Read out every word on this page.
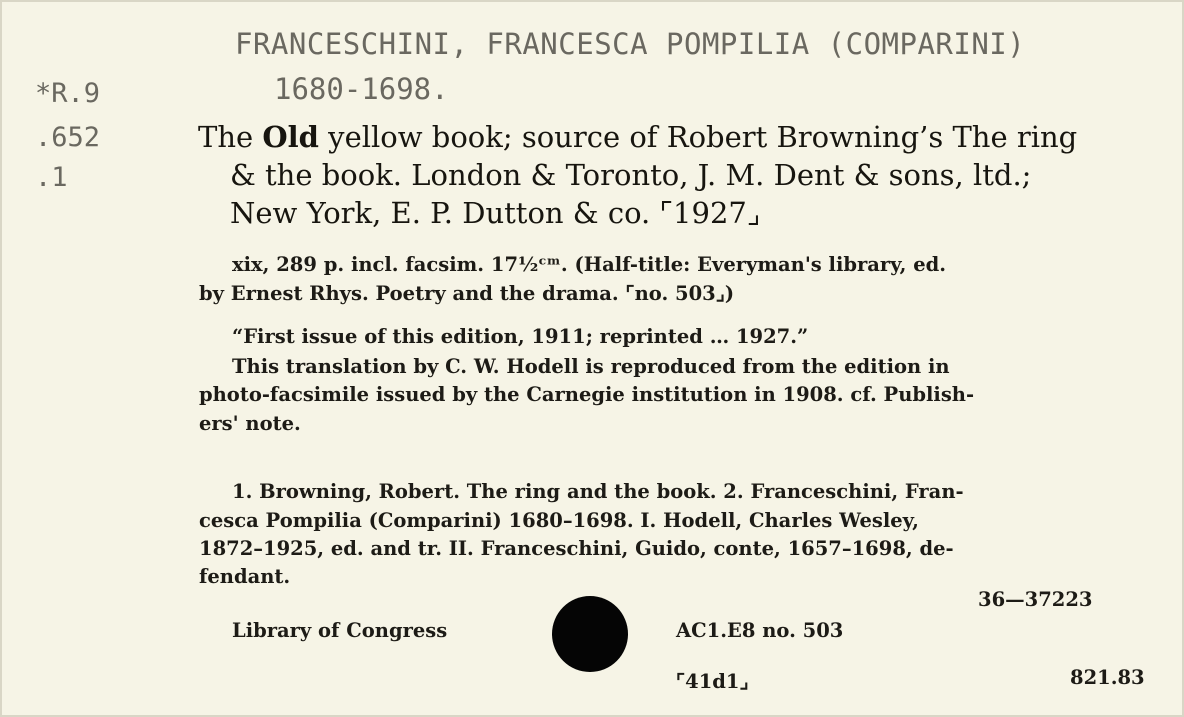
FRANCESCHINI, FRANCESCA POMPILIA (COMPARINI)
1680-1698.
*R.9
.652
.1
The Old yellow book; source of Robert Browning’s The ring
& the book. London & Toronto, J. M. Dent & sons, ltd.;
New York, E. P. Dutton & co. ⌜1927⌟
xix, 289 p. incl. facsim. 17½ᶜᵐ. (Half-title: Everyman's library, ed.
by Ernest Rhys. Poetry and the drama. ⌜no. 503⌟)
“First issue of this edition, 1911; reprinted … 1927.”
This translation by C. W. Hodell is reproduced from the edition in
photo-facsimile issued by the Carnegie institution in 1908. cf. Publish-
ers' note.
1. Browning, Robert. The ring and the book. 2. Franceschini, Fran-
cesca Pompilia (Comparini) 1680–1698. I. Hodell, Charles Wesley,
1872–1925, ed. and tr. II. Franceschini, Guido, conte, 1657–1698, de-
fendant.
36—37223
Library of Congress	AC1.E8 no. 503
⌜41d1⌟	821.83
